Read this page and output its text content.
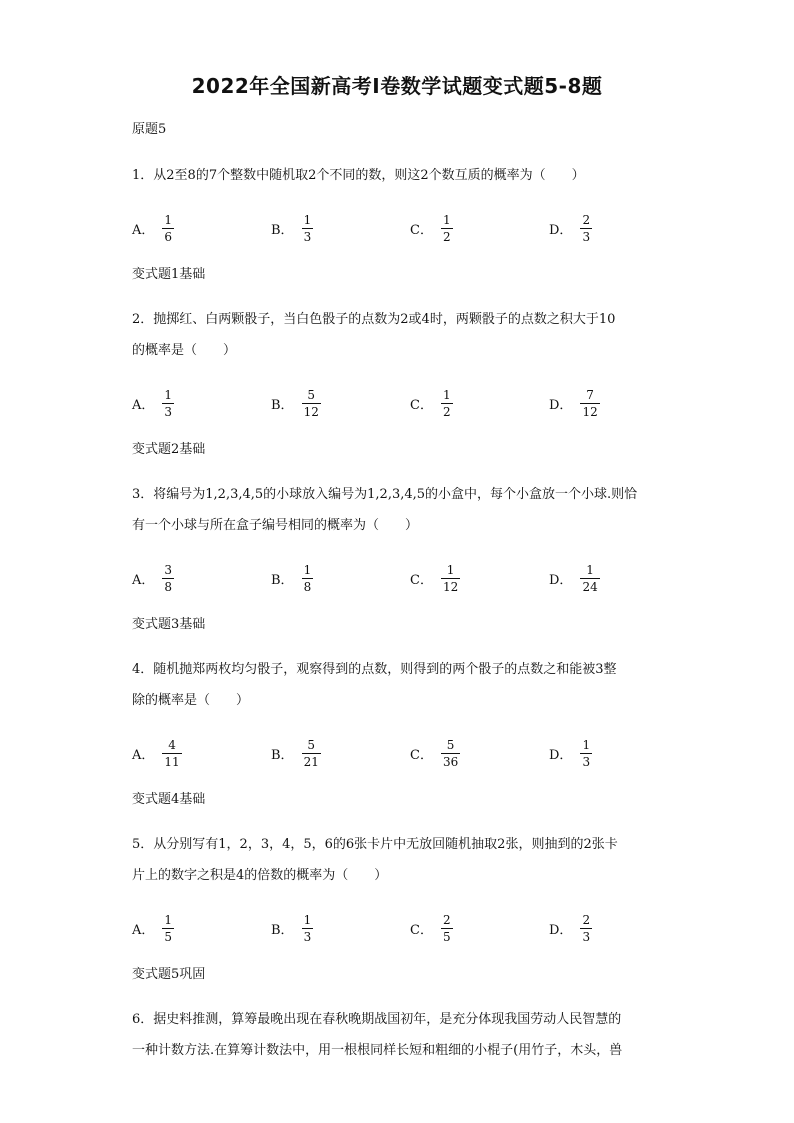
2022年全国新高考Ⅰ卷数学试题变式题5-8题
原题5
1．从2至8的7个整数中随机取2个不同的数，则这2个数互质的概率为（　　）
A． $\frac{1}{6}$	B． $\frac{1}{3}$	C． $\frac{1}{2}$	D． $\frac{2}{3}$
变式题1基础
2．抛掷红、白两颗骰子，当白色骰子的点数为2或4时，两颗骰子的点数之积大于10
的概率是（　　）
A． $\frac{1}{3}$	B． $\frac{5}{12}$	C． $\frac{1}{2}$	D． $\frac{7}{12}$
变式题2基础
3．将编号为1,2,3,4,5的小球放入编号为1,2,3,4,5的小盒中，每个小盒放一个小球.则恰
有一个小球与所在盒子编号相同的概率为（　　）
A． $\frac{3}{8}$	B． $\frac{1}{8}$	C． $\frac{1}{12}$	D． $\frac{1}{24}$
变式题3基础
4．随机抛郑两枚均匀骰子，观察得到的点数，则得到的两个骰子的点数之和能被3整
除的概率是（　　）
A． $\frac{4}{11}$	B． $\frac{5}{21}$	C． $\frac{5}{36}$	D． $\frac{1}{3}$
变式题4基础
5．从分别写有1，2，3，4，5，6的6张卡片中无放回随机抽取2张，则抽到的2张卡
片上的数字之积是4的倍数的概率为（　　）
A． $\frac{1}{5}$	B． $\frac{1}{3}$	C． $\frac{2}{5}$	D． $\frac{2}{3}$
变式题5巩固
6．据史料推测，算筹最晚出现在春秋晚期战国初年，是充分体现我国劳动人民智慧的
一种计数方法.在算筹计数法中，用一根根同样长短和粗细的小棍子(用竹子，木头，兽
